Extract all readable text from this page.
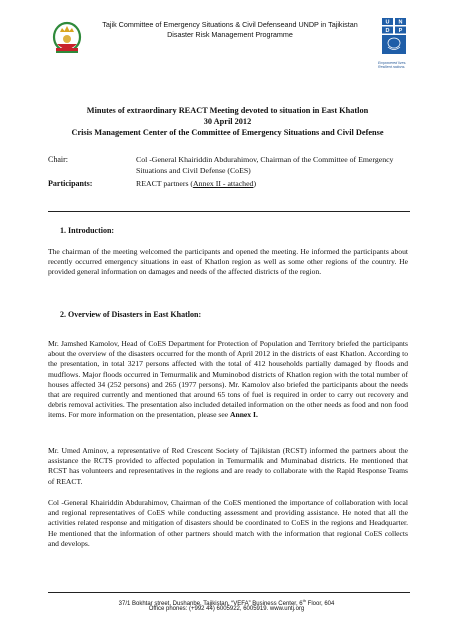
Tajik Committee of Emergency Situations & Civil Defenseand UNDP in Tajikistan
Disaster Risk Management Programme
U N
D P
Empowered lives. Resilient nations.
Minutes of extraordinary REACT Meeting devoted to situation in East Khatlon
30 April 2012
Crisis Management Center of the Committee of Emergency Situations and Civil Defense
Chair:	Col -General Khairiddin Abdurahimov, Chairman of the Committee of Emergency Situations and Civil Defense (CoES)
Participants:	REACT partners (Annex II - attached)
1. Introduction:

The chairman of the meeting welcomed the participants and opened the meeting. He informed the participants about recently occurred emergency situations in east of Khatlon region as well as some other regions of the country. He provided general information on damages and needs of the affected districts of the region.

2. Overview of Disasters in East Khatlon:

Mr. Jamshed Kamolov, Head of CoES Department for Protection of Population and Territory briefed the participants about the overview of the disasters occurred for the month of April 2012 in the districts of east Khatlon. According to the presentation, in total 3217 persons affected with the total of 412 households partially damaged by floods and mudflows. Major floods occurred in Temurmalik and Muminobod districts of Khatlon region with the total number of houses affected 34 (252 persons) and 265 (1977 persons). Mr. Kamolov also briefed the participants about the needs that are required currently and mentioned that around 65 tons of fuel is required in order to carry out recovery and debris removal activities. The presentation also included detailed information on the other needs as food and non food items. For more information on the presentation, please see Annex I.

Mr. Umed Aminov, a representative of Red Crescent Society of Tajikistan (RCST) informed the partners about the assistance the RCTS provided to affected population in Temurmalik and Muminabad districts. He mentioned that RCST has volunteers and representatives in the regions and are ready to collaborate with the Rapid Response Teams of REACT.

Col -General Khairiddin Abdurahimov, Chairman of the CoES mentioned the importance of collaboration with local and regional representatives of CoES while conducting assessment and providing assistance. He noted that all the activities related response and mitigation of disasters should be coordinated to CoES in the regions and Headquarter. He mentioned that the information of other partners should match with the information that regional CoES collects and develops.

37/1 Bokhtar street, Dushanbe, Tajikistan, “VEFA” Business Center, 6th Floor, 604
Office phones: (+992 44) 6005922, 6005919. www.untj.org
